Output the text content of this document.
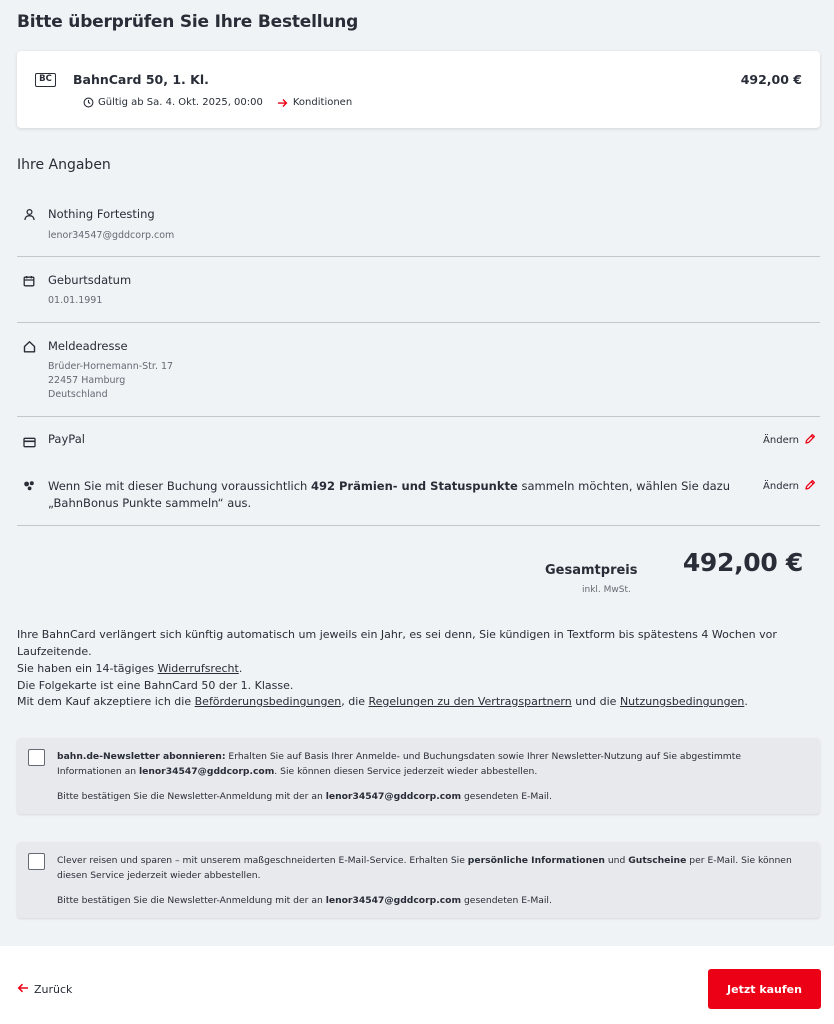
Bitte überprüfen Sie Ihre Bestellung
BC	BahnCard 50, 1. Kl.	492,00 €
Gültig ab Sa. 4. Okt. 2025, 00:00	Konditionen
Ihre Angaben
Nothing Fortesting
lenor34547@gddcorp.com
Geburtsdatum
01.01.1991
Meldeadresse
Brüder-Hornemann-Str. 17
22457 Hamburg
Deutschland
PayPal	Ändern
Wenn Sie mit dieser Buchung voraussichtlich 492 Prämien- und Statuspunkte sammeln möchten, wählen Sie dazu „BahnBonus Punkte sammeln“ aus.
Ändern
Gesamtpreis
inkl. MwSt.
492,00 €
Ihre BahnCard verlängert sich künftig automatisch um jeweils ein Jahr, es sei denn, Sie kündigen in Textform bis spätestens 4 Wochen vor Laufzeitende.
Sie haben ein 14-tägiges Widerrufsrecht.
Die Folgekarte ist eine BahnCard 50 der 1. Klasse.
Mit dem Kauf akzeptiere ich die Beförderungsbedingungen, die Regelungen zu den Vertragspartnern und die Nutzungsbedingungen.
bahn.de-Newsletter abonnieren: Erhalten Sie auf Basis Ihrer Anmelde- und Buchungsdaten sowie Ihrer Newsletter-Nutzung auf Sie abgestimmte Informationen an lenor34547@gddcorp.com. Sie können diesen Service jederzeit wieder abbestellen.
Bitte bestätigen Sie die Newsletter-Anmeldung mit der an lenor34547@gddcorp.com gesendeten E-Mail.
Clever reisen und sparen – mit unserem maßgeschneiderten E-Mail-Service. Erhalten Sie persönliche Informationen und Gutscheine per E-Mail. Sie können diesen Service jederzeit wieder abbestellen.
Bitte bestätigen Sie die Newsletter-Anmeldung mit der an lenor34547@gddcorp.com gesendeten E-Mail.
Zurück	Jetzt kaufen
